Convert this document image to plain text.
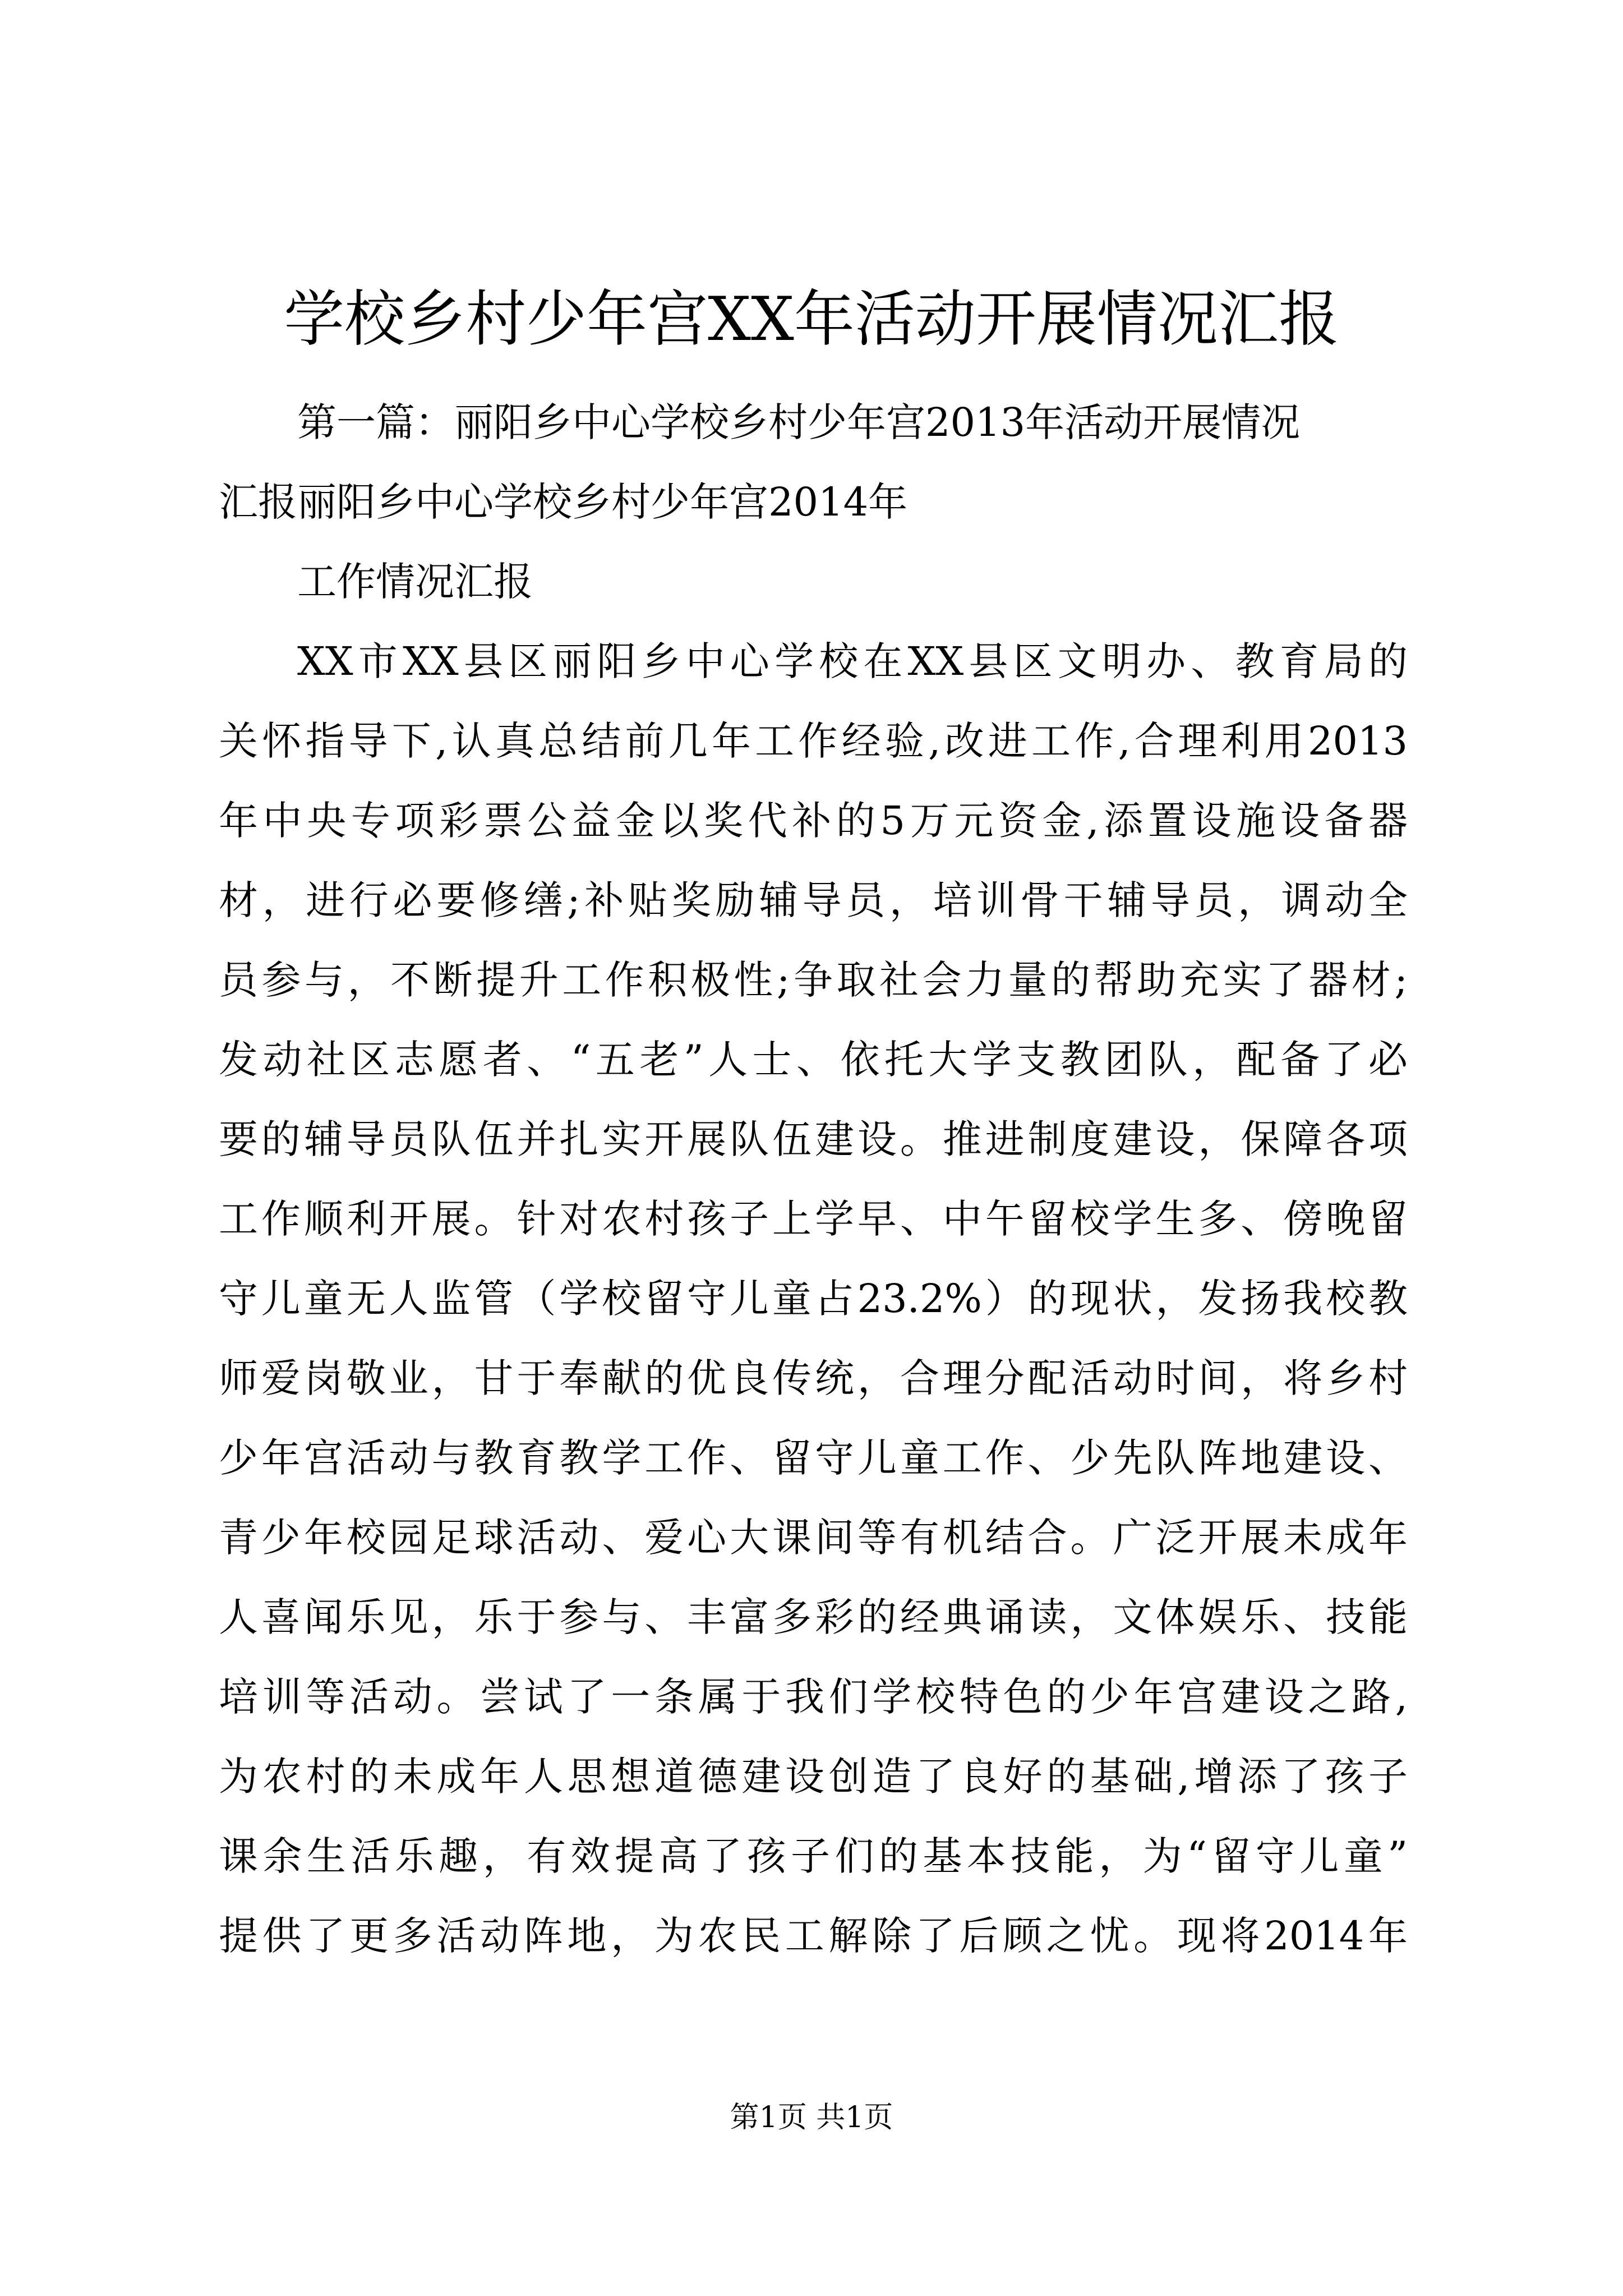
学校乡村少年宫XX年活动开展情况汇报
第一篇：丽阳乡中心学校乡村少年宫2013年活动开展情况
汇报丽阳乡中心学校乡村少年宫2014年
工作情况汇报
XX市XX县区丽阳乡中心学校在XX县区文明办、教育局的
关怀指导下,认真总结前几年工作经验,改进工作,合理利用2013
年中央专项彩票公益金以奖代补的5万元资金,添置设施设备器
材，进行必要修缮;补贴奖励辅导员，培训骨干辅导员，调动全
员参与，不断提升工作积极性;争取社会力量的帮助充实了器材;
发动社区志愿者、“五老”人士、依托大学支教团队，配备了必
要的辅导员队伍并扎实开展队伍建设。推进制度建设，保障各项
工作顺利开展。针对农村孩子上学早、中午留校学生多、傍晚留
守儿童无人监管（学校留守儿童占23.2%）的现状，发扬我校教
师爱岗敬业，甘于奉献的优良传统，合理分配活动时间，将乡村
少年宫活动与教育教学工作、留守儿童工作、少先队阵地建设、
青少年校园足球活动、爱心大课间等有机结合。广泛开展未成年
人喜闻乐见，乐于参与、丰富多彩的经典诵读，文体娱乐、技能
培训等活动。尝试了一条属于我们学校特色的少年宫建设之路,
为农村的未成年人思想道德建设创造了良好的基础,增添了孩子
课余生活乐趣，有效提高了孩子们的基本技能，为“留守儿童”
提供了更多活动阵地，为农民工解除了后顾之忧。现将2014年
第1页 共1页
